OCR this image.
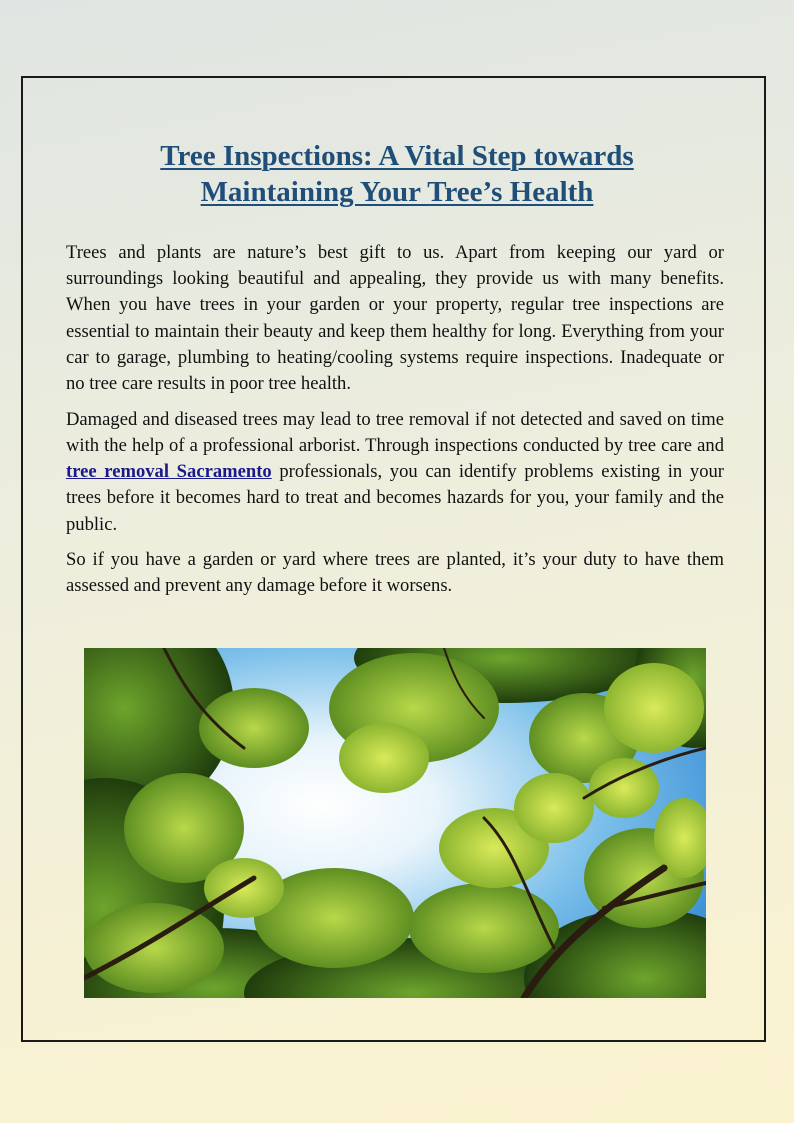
Tree Inspections: A Vital Step towards
Maintaining Your Tree’s Health

Trees and plants are nature’s best gift to us. Apart from keeping our yard or surroundings looking beautiful and appealing, they provide us with many benefits. When you have trees in your garden or your property, regular tree inspections are essential to maintain their beauty and keep them healthy for long. Everything from your car to garage, plumbing to heating/cooling systems require inspections. Inadequate or no tree care results in poor tree health.

Damaged and diseased trees may lead to tree removal if not detected and saved on time with the help of a professional arborist. Through inspections conducted by tree care and tree removal Sacramento professionals, you can identify problems existing in your trees before it becomes hard to treat and becomes hazards for you, your family and the public.

So if you have a garden or yard where trees are planted, it’s your duty to have them assessed and prevent any damage before it worsens.
